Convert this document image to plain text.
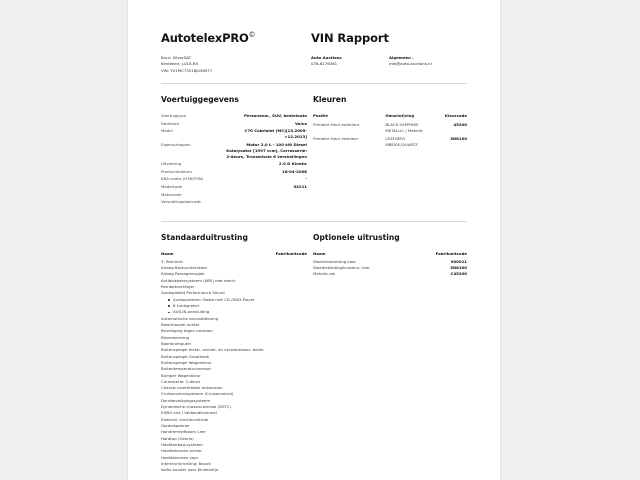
AutotelexPRO©
Bron: SilverDAT
Kenteken: J-018-RX
VIN: YV1MC75518J056977
VIN Rapport
Auto Auctions
078-6176361
Algemeen .
info@auto-auctions.nl
Voertuiggegevens
Voertuigtype	Personenw., SUV, bestelauto
Fabrikant	Volvo
Model	C70 Cabriolet (MC)[13.2005->12.2013]
Eigenschappen	Motor 2,0 L - 100 kW Diesel Katalysator [1997 ccm], Carrosserie: 2-deurs, Transmissie 6 versnellingen
Uitvoering	2.0 D Kinetic
Productiedatum	18-04-2008
KBA codes (HSN/TSN)	-
Modelcode	54211
Motorcode
Versnellingsbakcode
Kleuren
Positie	Omschrijving	Kleurcode
Primaire kleur exterieur	BLACK SAPPHIRE METALLIC / Metallic	45200
Primaire kleur interieur	LEATHER2 MBEIGE/QUARTZ	5D8100
Standaarduitrusting
Naam	Fabrikantcode
3. Remlicht
Airbag Bestuurderskant
Airbag Passagierszijde
Antiblokkeersysteem (ABS) met electr.
Rembekrachtiger
Audiopakket Performance Sound
Audiosysteem: Radio met CD-/DVD-Player
6 Luidspreker
AUX-IN-aansluiting
Automatische airconditioning
Bekerhouder achter
Beveiliging tegen omslaan
Bijverwarming
Boordcomputer
Buitenspiegel elektr. verstel- en verwarmbaar, beide
Buitenspiegel Groothoek
Buitenspiegel Wagenkleur
Buitentemperatuursensor
Bumper Wagenkleur
Carrosserie: 2-deurs
Chassis comfortabel ontworpen
Cruisecontrolsysteem (Cruisecontrol)
Deurbeveiligingssysteem
Dynamische chassiscontrole (DSTC)
EHBO-kist / Verbandtrommel
Elektron. tractiecontrole
Gordelspanner
Handremhefboom Leer
Hardtop (Cabrio)
Hoofdairbag-systeem
Hoofdsteunen achter
Hoofdsteunen voor
Interieurinrichting: Bauxit
Isofix-houder voor Kinderzitje
Optionele uitrusting
Naam	Fabrikantcode
Stoelverwarming voor	000011
Stoelbekleding/kussens: Leer	5D8100
Metallic-lak	C45200
